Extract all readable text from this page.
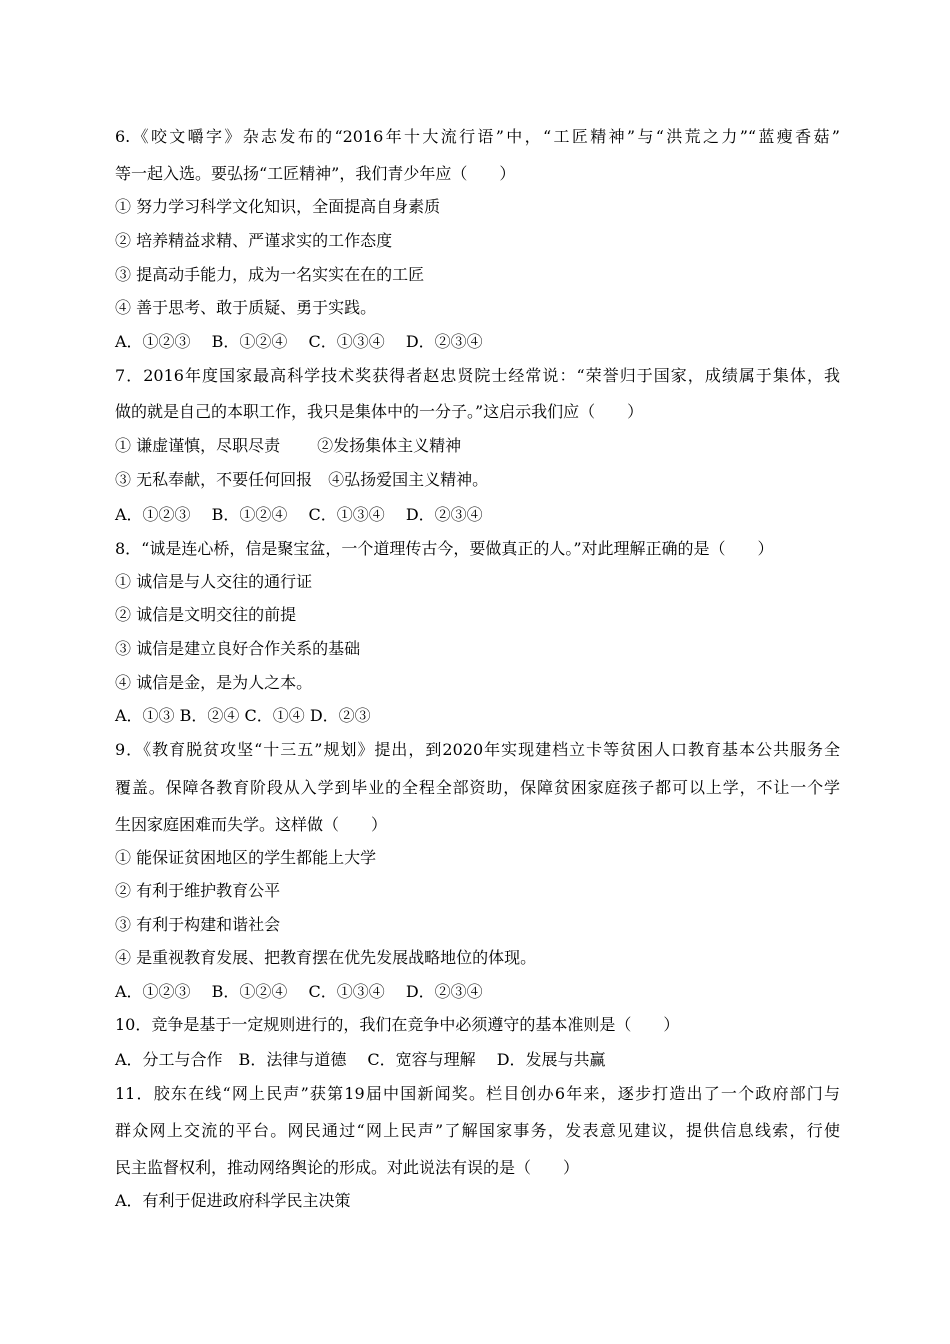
6.《咬文嚼字》杂志发布的“2016年十大流行语”中，“工匠精神”与“洪荒之力”“蓝瘦香菇”
等一起入选。要弘扬“工匠精神”，我们青少年应（　　）
① 努力学习科学文化知识，全面提高自身素质
② 培养精益求精、严谨求实的工作态度
③ 提高动手能力，成为一名实实在在的工匠
④ 善于思考、敢于质疑、勇于实践。
A．①②③　 B．①②④　 C．①③④　 D．②③④
7．2016年度国家最高科学技术奖获得者赵忠贤院士经常说：“荣誉归于国家，成绩属于集体，我
做的就是自己的本职工作，我只是集体中的一分子。”这启示我们应（　　）
① 谦虚谨慎，尽职尽责　　 ②发扬集体主义精神
③ 无私奉献，不要任何回报　④弘扬爱国主义精神。
A．①②③　 B．①②④　 C．①③④　 D．②③④
8．“诚是连心桥，信是聚宝盆，一个道理传古今，要做真正的人。”对此理解正确的是（　　）
① 诚信是与人交往的通行证
② 诚信是文明交往的前提
③ 诚信是建立良好合作关系的基础
④ 诚信是金，是为人之本。
A．①③ B．②④ C．①④ D．②③
9．《教育脱贫攻坚“十三五”规划》提出，到2020年实现建档立卡等贫困人口教育基本公共服务全
覆盖。保障各教育阶段从入学到毕业的全程全部资助，保障贫困家庭孩子都可以上学，不让一个学
生因家庭困难而失学。这样做（　　）
① 能保证贫困地区的学生都能上大学
② 有利于维护教育公平
③ 有利于构建和谐社会
④ 是重视教育发展、把教育摆在优先发展战略地位的体现。
A．①②③　 B．①②④　 C．①③④　 D．②③④
10．竞争是基于一定规则进行的，我们在竞争中必须遵守的基本准则是（　　）
A．分工与合作　B．法律与道德　 C．宽容与理解　 D．发展与共赢
11．胶东在线“网上民声”获第19届中国新闻奖。栏目创办6年来，逐步打造出了一个政府部门与
群众网上交流的平台。网民通过“网上民声”了解国家事务，发表意见建议，提供信息线索，行使
民主监督权利，推动网络舆论的形成。对此说法有误的是（　　）
A．有利于促进政府科学民主决策
